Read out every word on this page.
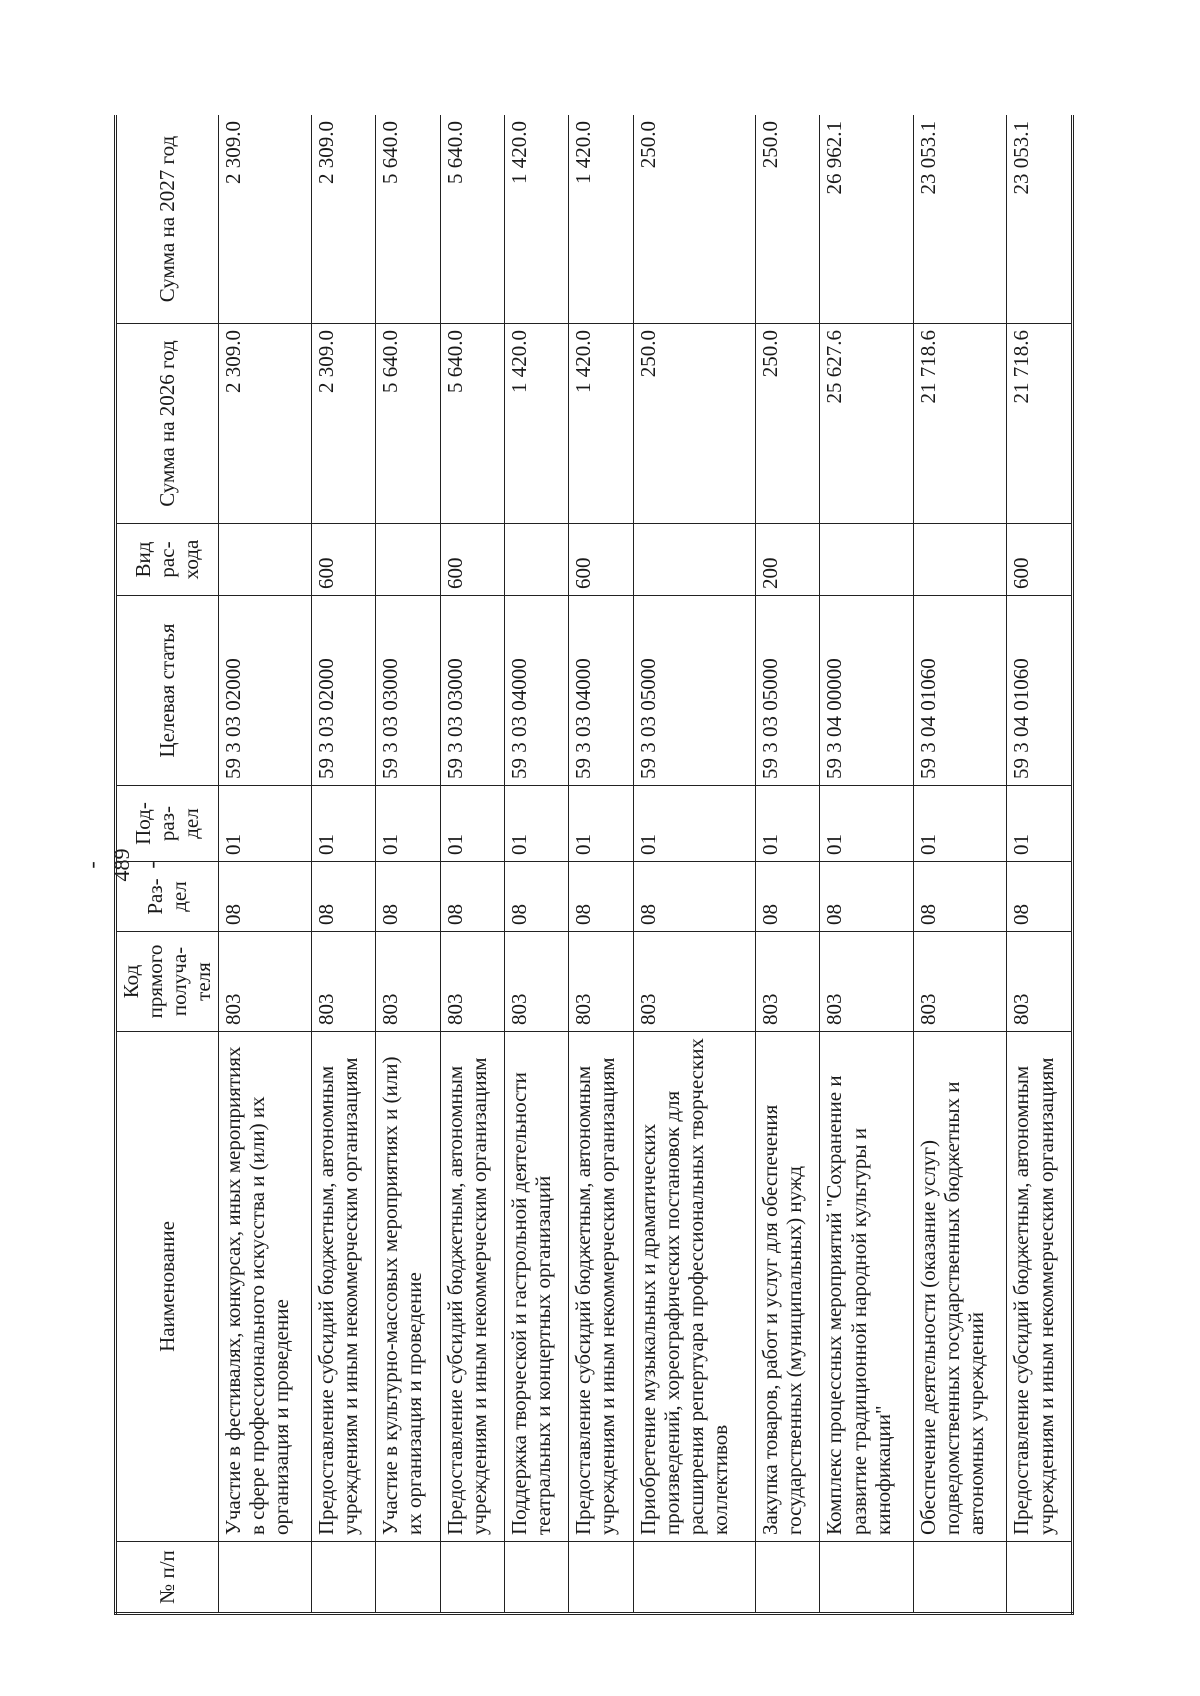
- 489 -
№ п/п	Наименование	Код прямого получа-теля	Раз-дел	Под-раз-дел	Целевая статья	Вид рас-хода	Сумма на 2026 год	Сумма на 2027 год
	Участие в фестивалях, конкурсах, иных мероприятиях в сфере профессионального искусства и (или) их организация и проведение	803	08	01	59 3 03 02000		2 309.0	2 309.0
	Предоставление субсидий бюджетным, автономным учреждениям и иным некоммерческим организациям	803	08	01	59 3 03 02000	600	2 309.0	2 309.0
	Участие в культурно-массовых мероприятиях и (или) их организация и проведение	803	08	01	59 3 03 03000		5 640.0	5 640.0
	Предоставление субсидий бюджетным, автономным учреждениям и иным некоммерческим организациям	803	08	01	59 3 03 03000	600	5 640.0	5 640.0
	Поддержка творческой и гастрольной деятельности театральных и концертных организаций	803	08	01	59 3 03 04000		1 420.0	1 420.0
	Предоставление субсидий бюджетным, автономным учреждениям и иным некоммерческим организациям	803	08	01	59 3 03 04000	600	1 420.0	1 420.0
	Приобретение музыкальных и драматических произведений, хореографических постановок для расширения репертуара профессиональных творческих коллективов	803	08	01	59 3 03 05000		250.0	250.0
	Закупка товаров, работ и услуг для обеспечения государственных (муниципальных) нужд	803	08	01	59 3 03 05000	200	250.0	250.0
	Комплекс процессных мероприятий "Сохранение и развитие традиционной народной культуры и кинофикации"	803	08	01	59 3 04 00000		25 627.6	26 962.1
	Обеспечение деятельности (оказание услуг) подведомственных государственных бюджетных и автономных учреждений	803	08	01	59 3 04 01060		21 718.6	23 053.1
	Предоставление субсидий бюджетным, автономным учреждениям и иным некоммерческим организациям	803	08	01	59 3 04 01060	600	21 718.6	23 053.1
